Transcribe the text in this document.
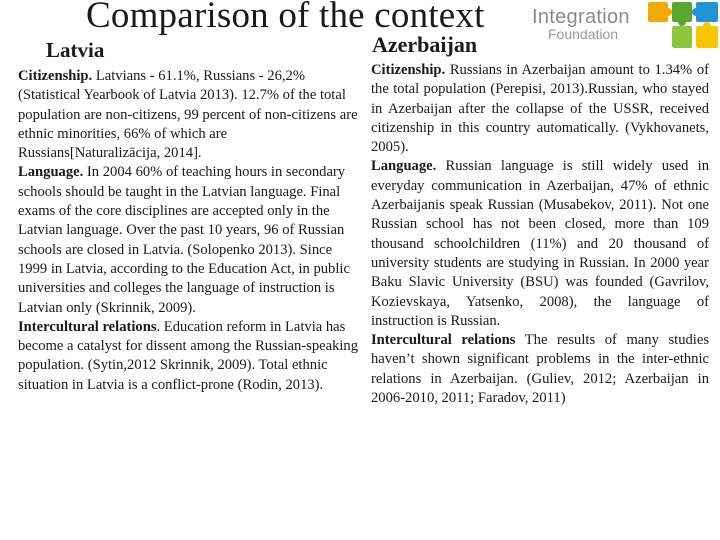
Comparison of the context Integration
Foundation
Latvia	Azerbaijan

Citizenship. Latvians - 61.1%, Russians - 26,2% (Statistical Yearbook of Latvia 2013). 12.7% of the total population are non-citizens, 99 percent of non-citizens are ethnic minorities, 66% of which are Russians[Naturalizācija, 2014].

Language. In 2004 60% of teaching hours in secondary schools should be taught in the Latvian language. Final exams of the core disciplines are accepted only in the Latvian language. Over the past 10 years, 96 of Russian schools are closed in Latvia. (Solopenko 2013). Since 1999 in Latvia, according to the Education Act, in public universities and colleges the language of instruction is Latvian only (Skrinnik, 2009).

Intercultural relations. Education reform in Latvia has become a catalyst for dissent among the Russian-speaking population. (Sytin,2012 Skrinnik, 2009). Total ethnic situation in Latvia is a conflict-prone (Rodin, 2013).

Citizenship. Russians in Azerbaijan amount to 1.34% of the total population (Perepisi, 2013).Russian, who stayed in Azerbaijan after the collapse of the USSR, received citizenship in this country automatically. (Vykhovanets, 2005).

Language. Russian language is still widely used in everyday communication in Azerbaijan, 47% of ethnic Azerbaijanis speak Russian (Musabekov, 2011). Not one Russian school has not been closed, more than 109 thousand schoolchildren (11%) and 20 thousand of university students are studying in Russian. In 2000 year Baku Slavic University (BSU) was founded (Gavrilov, Kozievskaya, Yatsenko, 2008), the language of instruction is Russian.

Intercultural relations The results of many studies haven’t shown significant problems in the inter-ethnic relations in Azerbaijan. (Guliev, 2012; Azerbaijan in 2006-2010, 2011; Faradov, 2011)
